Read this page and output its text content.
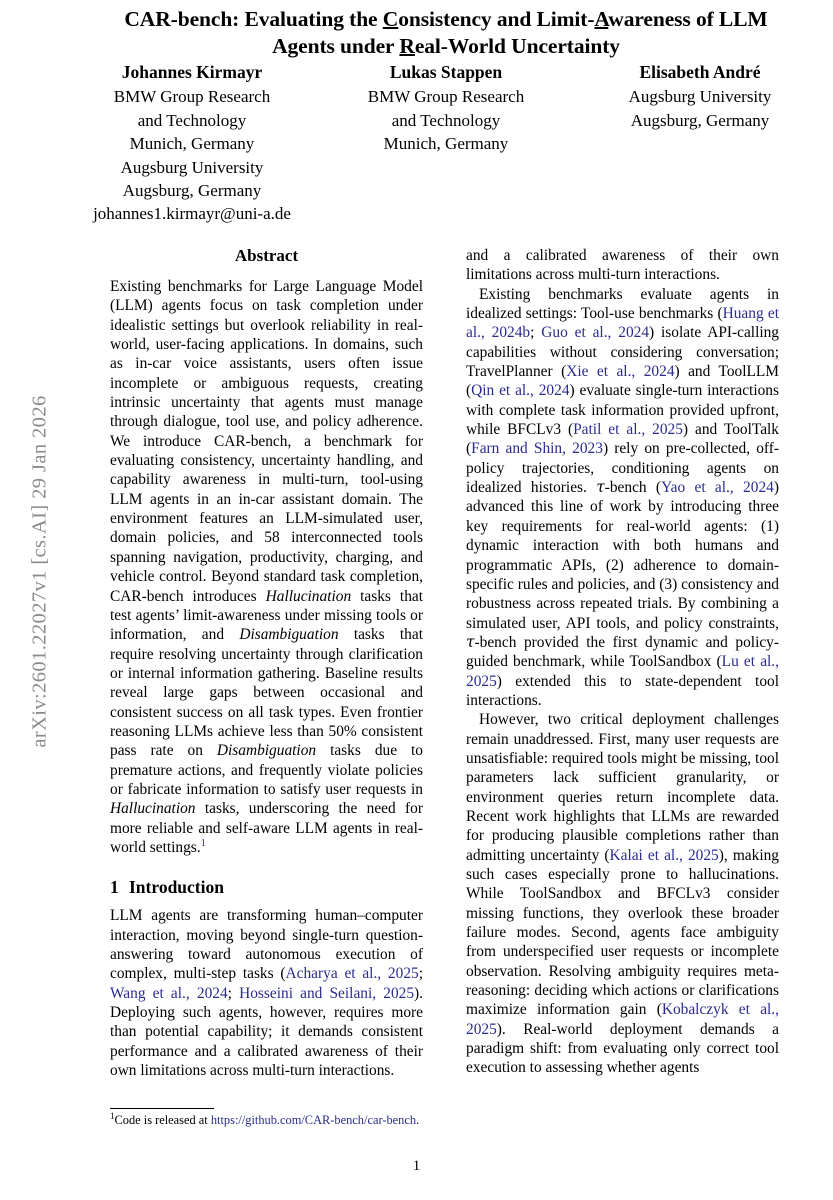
arXiv:2601.22027v1 [cs.AI] 29 Jan 2026
CAR-bench: Evaluating the Consistency and Limit-Awareness of LLM
Agents under Real-World Uncertainty
Johannes Kirmayr
BMW Group Research
and Technology
Munich, Germany
Augsburg University
Augsburg, Germany
johannes1.kirmayr@uni-a.de
Lukas Stappen
BMW Group Research
and Technology
Munich, Germany
Elisabeth André
Augsburg University
Augsburg, Germany
Abstract

Existing benchmarks for Large Language Model (LLM) agents focus on task completion under idealistic settings but overlook reliability in real-world, user-facing applications. In domains, such as in-car voice assistants, users often issue incomplete or ambiguous requests, creating intrinsic uncertainty that agents must manage through dialogue, tool use, and policy adherence. We introduce CAR-bench, a benchmark for evaluating consistency, uncertainty handling, and capability awareness in multi-turn, tool-using LLM agents in an in-car assistant domain. The environment features an LLM-simulated user, domain policies, and 58 interconnected tools spanning navigation, productivity, charging, and vehicle control. Beyond standard task completion, CAR-bench introduces Hallucination tasks that test agents’ limit-awareness under missing tools or information, and Disambiguation tasks that require resolving uncertainty through clarification or internal information gathering. Baseline results reveal large gaps between occasional and consistent success on all task types. Even frontier reasoning LLMs achieve less than 50% consistent pass rate on Disambiguation tasks due to premature actions, and frequently violate policies or fabricate information to satisfy user requests in Hallucination tasks, underscoring the need for more reliable and self-aware LLM agents in real-world settings.$^1$

1 Introduction

LLM agents are transforming human–computer interaction, moving beyond single-turn question-answering toward autonomous execution of complex, multi-step tasks (Acharya et al., 2025; Wang et al., 2024; Hosseini and Seilani, 2025). Deploying such agents, however, requires more than potential capability; it demands consistent performance and a calibrated awareness of their own limitations across multi-turn interactions.

and a calibrated awareness of their own limitations across multi-turn interactions.

Existing benchmarks evaluate agents in idealized settings: Tool-use benchmarks (Huang et al., 2024b; Guo et al., 2024) isolate API-calling capabilities without considering conversation; TravelPlanner (Xie et al., 2024) and ToolLLM (Qin et al., 2024) evaluate single-turn interactions with complete task information provided upfront, while BFCLv3 (Patil et al., 2025) and ToolTalk (Farn and Shin, 2023) rely on pre-collected, off-policy trajectories, conditioning agents on idealized histories. τ-bench (Yao et al., 2024) advanced this line of work by introducing three key requirements for real-world agents: (1) dynamic interaction with both humans and programmatic APIs, (2) adherence to domain-specific rules and policies, and (3) consistency and robustness across repeated trials. By combining a simulated user, API tools, and policy constraints, τ-bench provided the first dynamic and policy-guided benchmark, while ToolSandbox (Lu et al., 2025) extended this to state-dependent tool interactions.

However, two critical deployment challenges remain unaddressed. First, many user requests are unsatisfiable: required tools might be missing, tool parameters lack sufficient granularity, or environment queries return incomplete data. Recent work highlights that LLMs are rewarded for producing plausible completions rather than admitting uncertainty (Kalai et al., 2025), making such cases especially prone to hallucinations. While ToolSandbox and BFCLv3 consider missing functions, they overlook these broader failure modes. Second, agents face ambiguity from underspecified user requests or incomplete observation. Resolving ambiguity requires meta-reasoning: deciding which actions or clarifications maximize information gain (Kobalczyk et al., 2025). Real-world deployment demands a paradigm shift: from evaluating only correct tool execution to assessing whether agents

$^1$Code is released at https://github.com/CAR-bench/car-bench.
1
